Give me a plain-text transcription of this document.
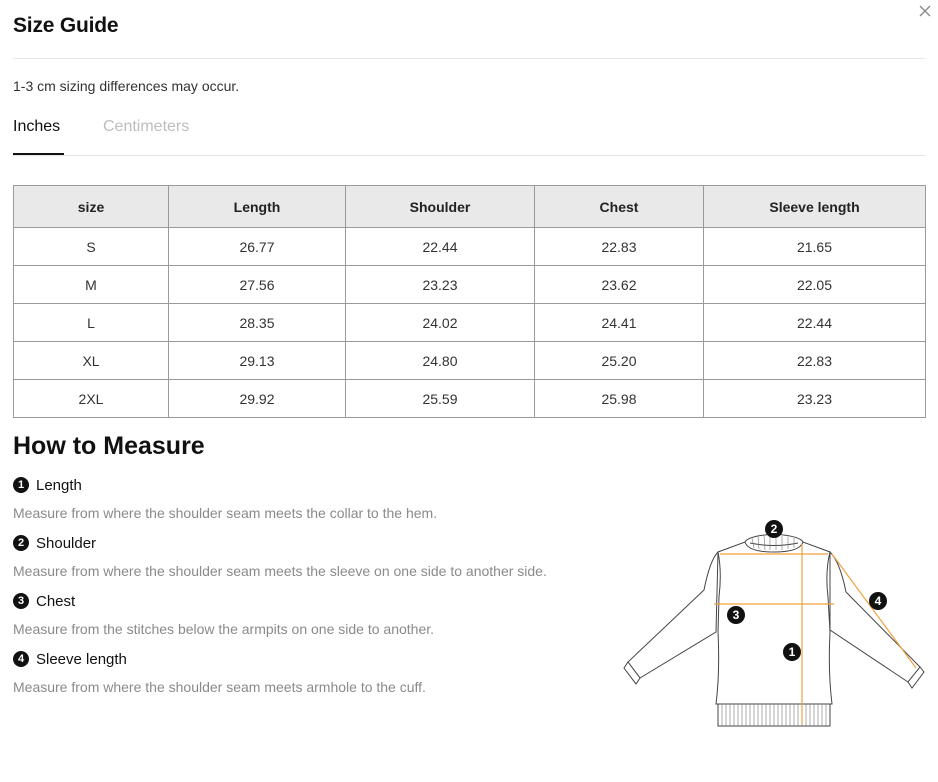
Size Guide
1-3 cm sizing differences may occur.
Inches	Centimeters
size	Length	Shoulder	Chest	Sleeve length
S	26.77	22.44	22.83	21.65
M	27.56	23.23	23.62	22.05
L	28.35	24.02	24.41	22.44
XL	29.13	24.80	25.20	22.83
2XL	29.92	25.59	25.98	23.23
How to Measure
1 Length
Measure from where the shoulder seam meets the collar to the hem.
2 Shoulder
Measure from where the shoulder seam meets the sleeve on one side to another side.
3 Chest
Measure from the stitches below the armpits on one side to another.
4 Sleeve length
Measure from where the shoulder seam meets armhole to the cuff.
2
3
1
4
